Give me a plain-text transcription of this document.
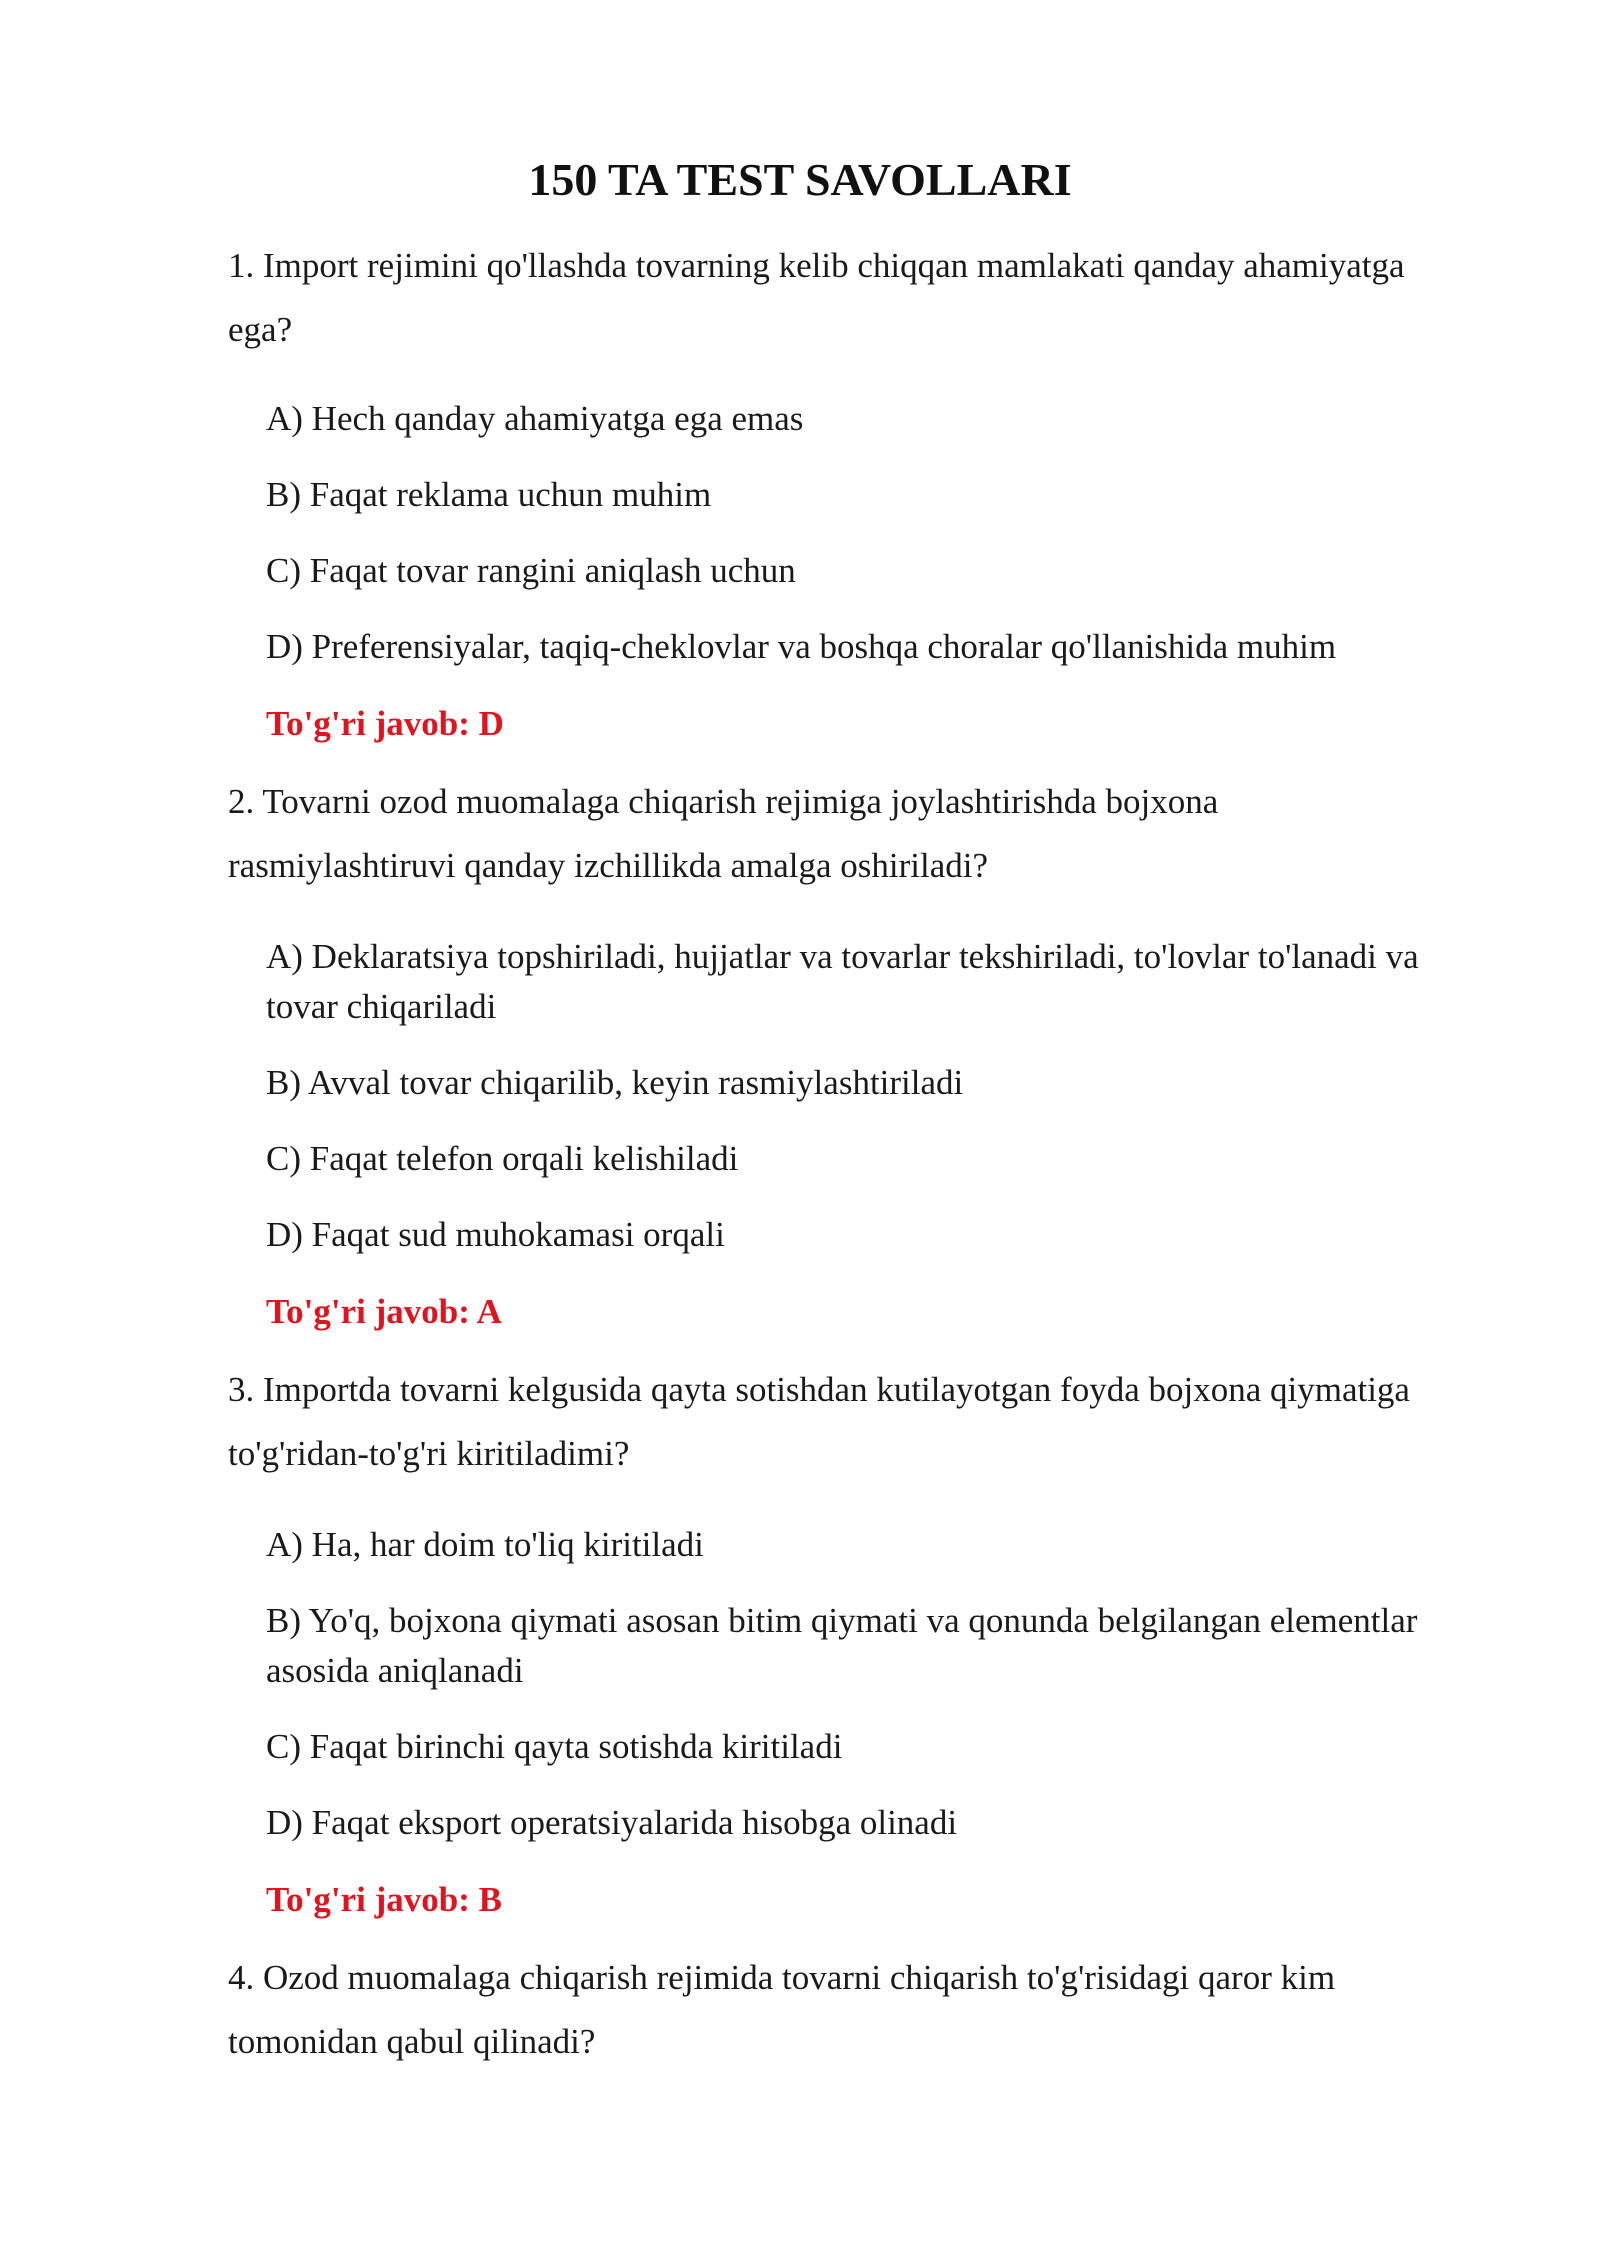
150 TA TEST SAVOLLARI

1. Import rejimini qo'llashda tovarning kelib chiqqan mamlakati qanday ahamiyatga ega?

A) Hech qanday ahamiyatga ega emas

B) Faqat reklama uchun muhim

C) Faqat tovar rangini aniqlash uchun

D) Preferensiyalar, taqiq-cheklovlar va boshqa choralar qo'llanishida muhim

To'g'ri javob: D

2. Tovarni ozod muomalaga chiqarish rejimiga joylashtirishda bojxona rasmiylashtiruvi qanday izchillikda amalga oshiriladi?

A) Deklaratsiya topshiriladi, hujjatlar va tovarlar tekshiriladi, to'lovlar to'lanadi va tovar chiqariladi

B) Avval tovar chiqarilib, keyin rasmiylashtiriladi

C) Faqat telefon orqali kelishiladi

D) Faqat sud muhokamasi orqali

To'g'ri javob: A

3. Importda tovarni kelgusida qayta sotishdan kutilayotgan foyda bojxona qiymatiga to'g'ridan-to'g'ri kiritiladimi?

A) Ha, har doim to'liq kiritiladi

B) Yo'q, bojxona qiymati asosan bitim qiymati va qonunda belgilangan elementlar asosida aniqlanadi

C) Faqat birinchi qayta sotishda kiritiladi

D) Faqat eksport operatsiyalarida hisobga olinadi

To'g'ri javob: B

4. Ozod muomalaga chiqarish rejimida tovarni chiqarish to'g'risidagi qaror kim tomonidan qabul qilinadi?
